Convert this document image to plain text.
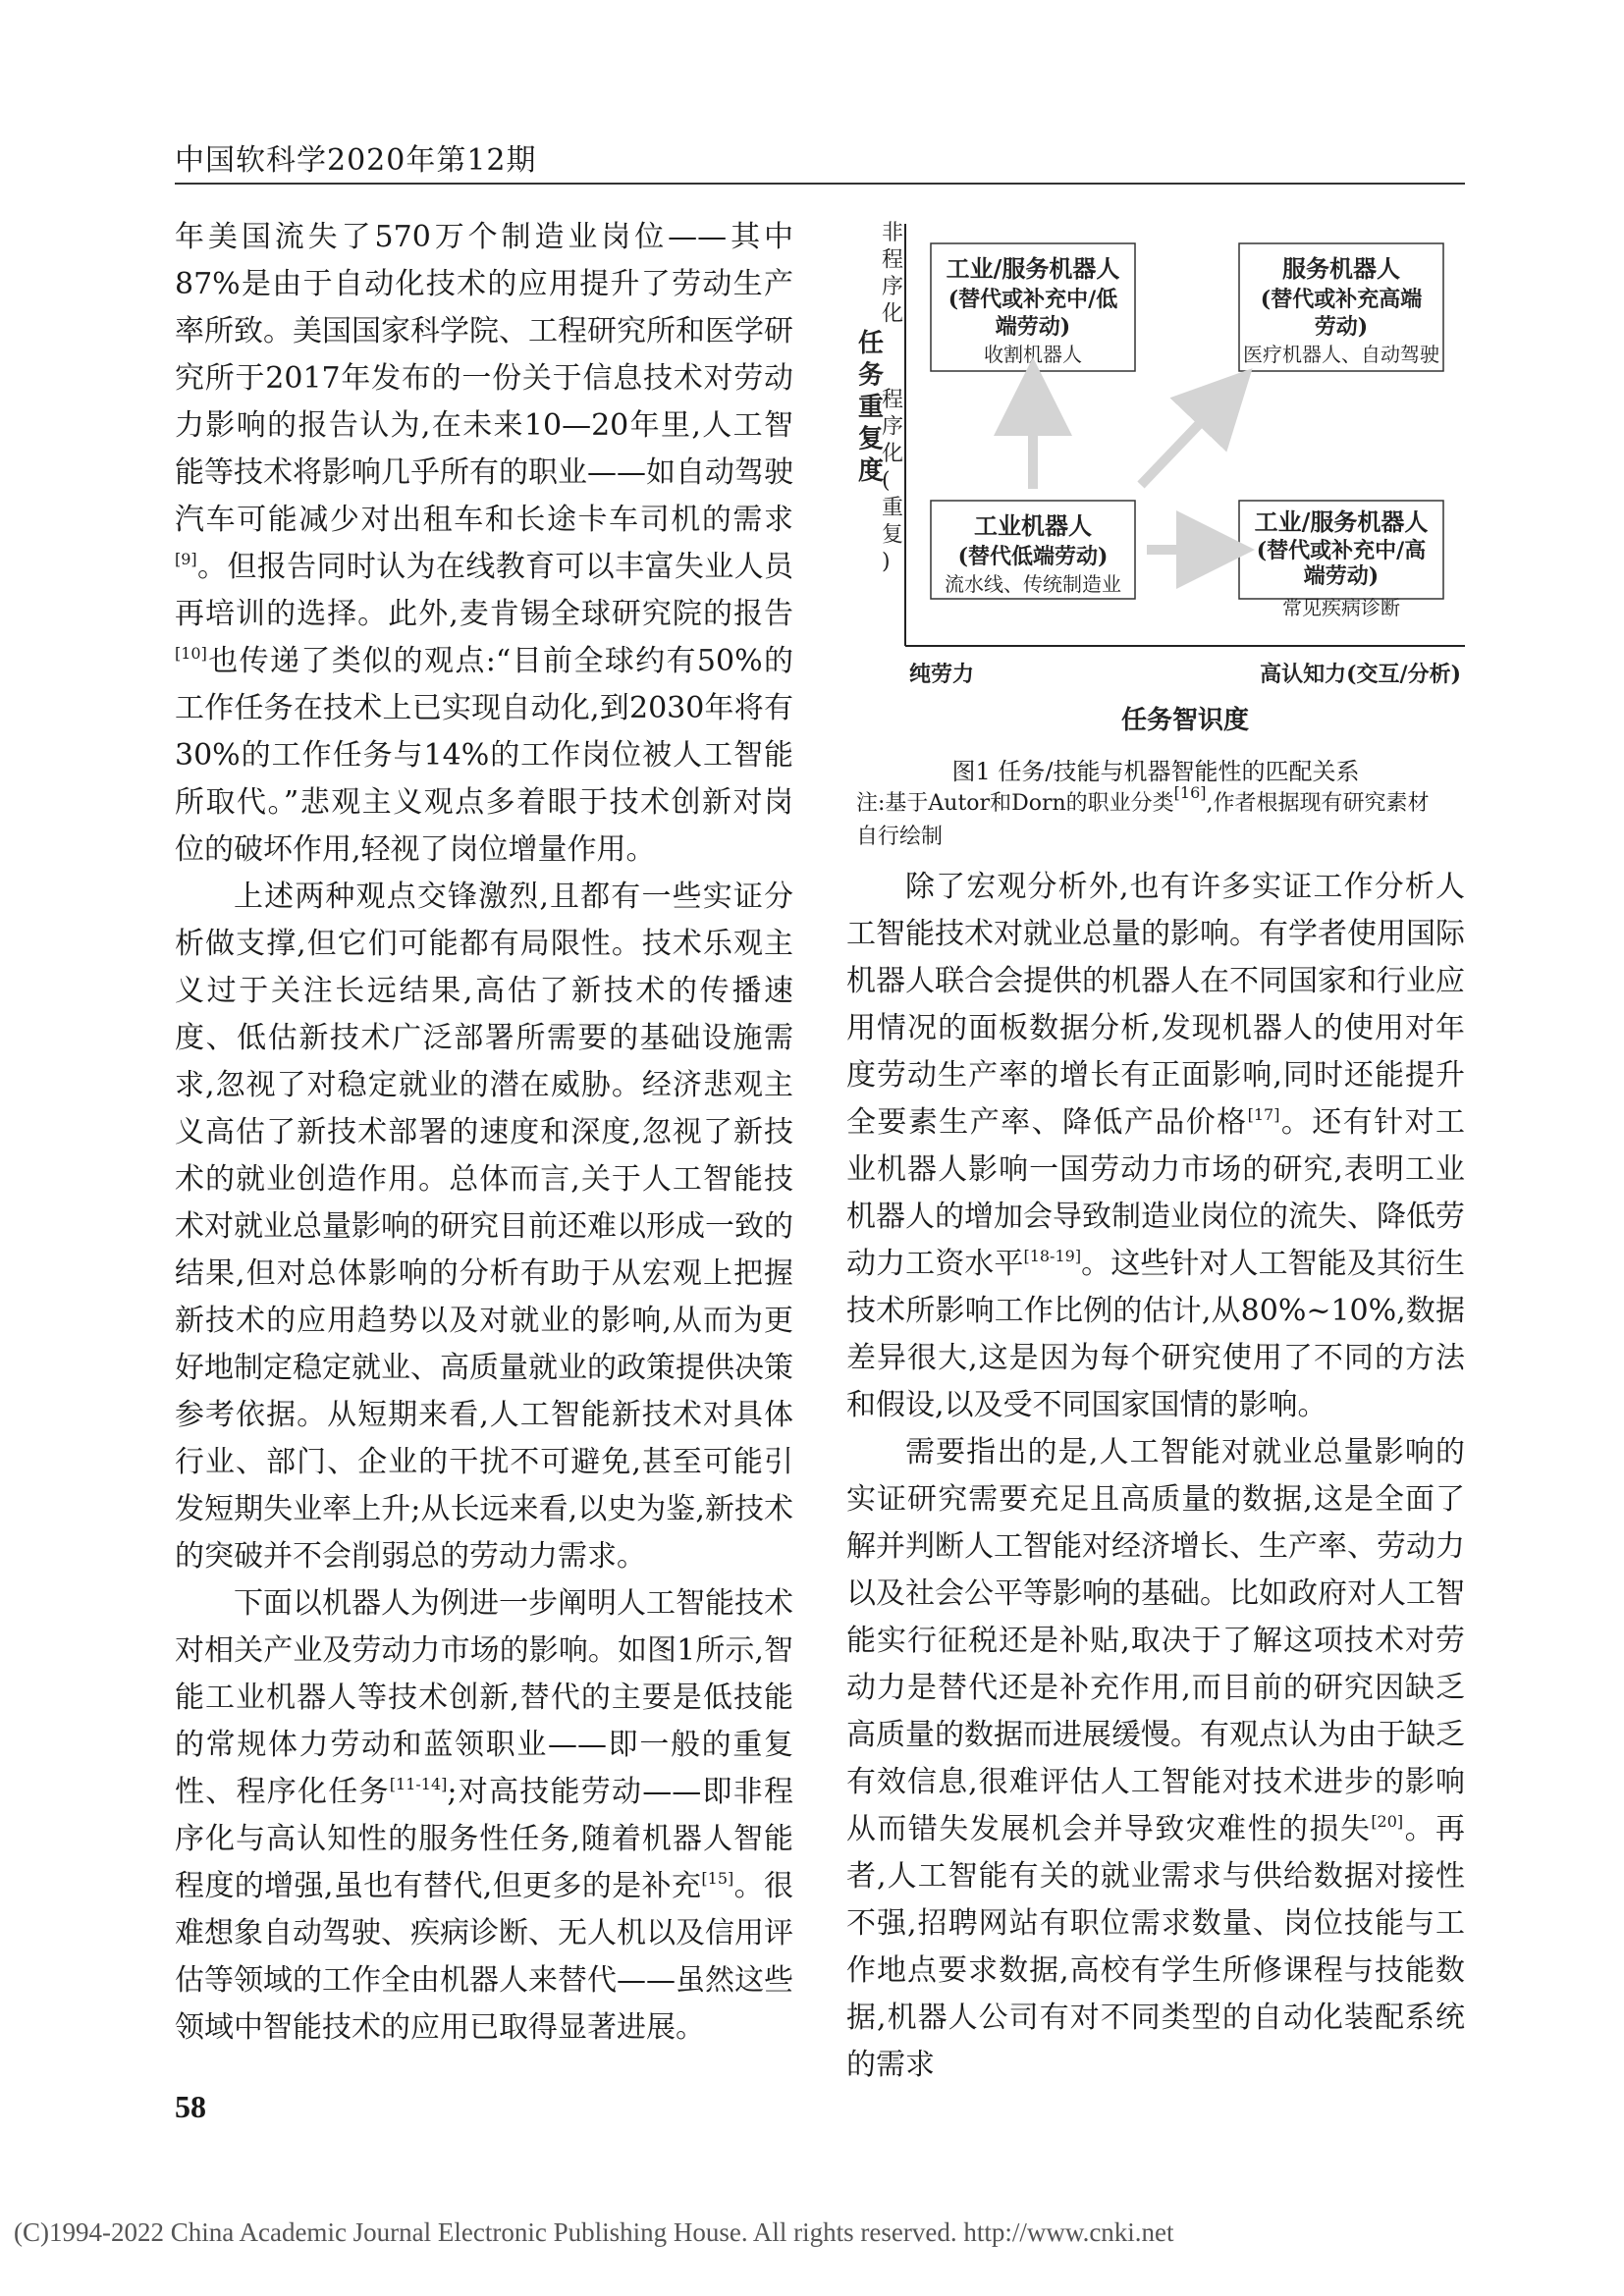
中国软科学2020年第12期

年美国流失了570万个制造业岗位——其中87%是由于自动化技术的应用提升了劳动生产率所致。美国国家科学院、工程研究所和医学研究所于2017年发布的一份关于信息技术对劳动力影响的报告认为,在未来10—20年里,人工智能等技术将影响几乎所有的职业——如自动驾驶汽车可能减少对出租车和长途卡车司机的需求[9]。但报告同时认为在线教育可以丰富失业人员再培训的选择。此外,麦肯锡全球研究院的报告[10]也传递了类似的观点:“目前全球约有50%的工作任务在技术上已实现自动化,到2030年将有30%的工作任务与14%的工作岗位被人工智能所取代。”悲观主义观点多着眼于技术创新对岗位的破坏作用,轻视了岗位增量作用。

上述两种观点交锋激烈,且都有一些实证分析做支撑,但它们可能都有局限性。技术乐观主义过于关注长远结果,高估了新技术的传播速度、低估新技术广泛部署所需要的基础设施需求,忽视了对稳定就业的潜在威胁。经济悲观主义高估了新技术部署的速度和深度,忽视了新技术的就业创造作用。总体而言,关于人工智能技术对就业总量影响的研究目前还难以形成一致的结果,但对总体影响的分析有助于从宏观上把握新技术的应用趋势以及对就业的影响,从而为更好地制定稳定就业、高质量就业的政策提供决策参考依据。从短期来看,人工智能新技术对具体行业、部门、企业的干扰不可避免,甚至可能引发短期失业率上升;从长远来看,以史为鉴,新技术的突破并不会削弱总的劳动力需求。

下面以机器人为例进一步阐明人工智能技术对相关产业及劳动力市场的影响。如图1所示,智能工业机器人等技术创新,替代的主要是低技能的常规体力劳动和蓝领职业——即一般的重复性、程序化任务[11-14];对高技能劳动——即非程序化与高认知性的服务性任务,随着机器人智能程度的增强,虽也有替代,但更多的是补充[15]。很难想象自动驾驶、疾病诊断、无人机以及信用评估等领域的工作全由机器人来替代——虽然这些领域中智能技术的应用已取得显著进展。

任务重复度
非程序化
程序化(重复)
工业/服务机器人
(替代或补充中/低
端劳动)
收割机器人
服务机器人
(替代或补充高端
劳动)
医疗机器人、自动驾驶
工业机器人
(替代低端劳动)
流水线、传统制造业
工业/服务机器人
(替代或补充中/高
端劳动)
常见疾病诊断
纯劳力	高认知力(交互/分析)
任务智识度
图1 任务/技能与机器智能性的匹配关系
注:基于Autor和Dorn的职业分类[16],作者根据现有研究素材自行绘制

除了宏观分析外,也有许多实证工作分析人工智能技术对就业总量的影响。有学者使用国际机器人联合会提供的机器人在不同国家和行业应用情况的面板数据分析,发现机器人的使用对年度劳动生产率的增长有正面影响,同时还能提升全要素生产率、降低产品价格[17]。还有针对工业机器人影响一国劳动力市场的研究,表明工业机器人的增加会导致制造业岗位的流失、降低劳动力工资水平[18-19]。这些针对人工智能及其衍生技术所影响工作比例的估计,从80%~10%,数据差异很大,这是因为每个研究使用了不同的方法和假设,以及受不同国家国情的影响。

需要指出的是,人工智能对就业总量影响的实证研究需要充足且高质量的数据,这是全面了解并判断人工智能对经济增长、生产率、劳动力以及社会公平等影响的基础。比如政府对人工智能实行征税还是补贴,取决于了解这项技术对劳动力是替代还是补充作用,而目前的研究因缺乏高质量的数据而进展缓慢。有观点认为由于缺乏有效信息,很难评估人工智能对技术进步的影响从而错失发展机会并导致灾难性的损失[20]。再者,人工智能有关的就业需求与供给数据对接性不强,招聘网站有职位需求数量、岗位技能与工作地点要求数据,高校有学生所修课程与技能数据,机器人公司有对不同类型的自动化装配系统的需求

58
(C)1994-2022 China Academic Journal Electronic Publishing House. All rights reserved. http://www.cnki.net
